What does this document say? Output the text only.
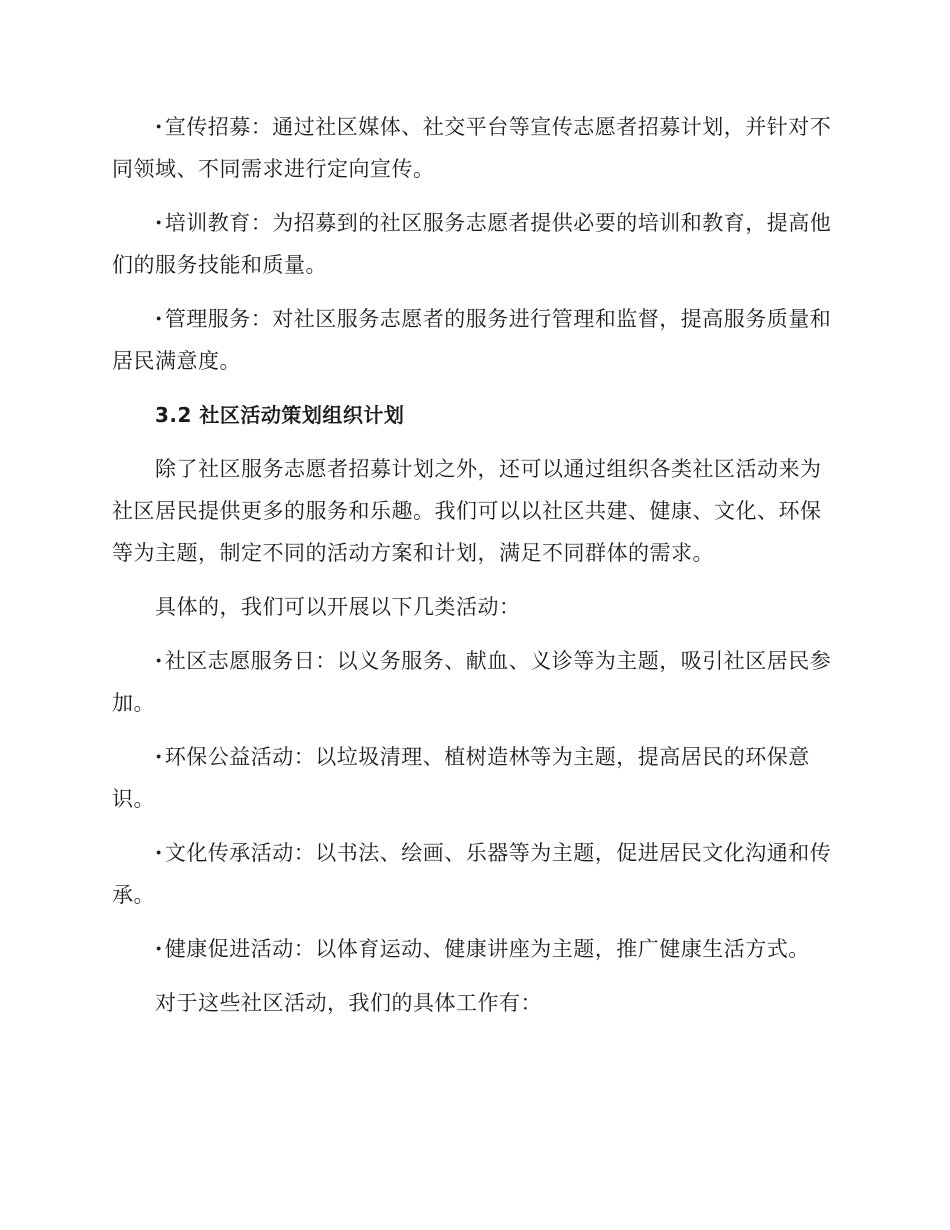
·宣传招募：通过社区媒体、社交平台等宣传志愿者招募计划，并针对不同领域、不同需求进行定向宣传。

·培训教育：为招募到的社区服务志愿者提供必要的培训和教育，提高他们的服务技能和质量。

·管理服务：对社区服务志愿者的服务进行管理和监督，提高服务质量和居民满意度。

3.2 社区活动策划组织计划

除了社区服务志愿者招募计划之外，还可以通过组织各类社区活动来为社区居民提供更多的服务和乐趣。我们可以以社区共建、健康、文化、环保等为主题，制定不同的活动方案和计划，满足不同群体的需求。

具体的，我们可以开展以下几类活动：

·社区志愿服务日：以义务服务、献血、义诊等为主题，吸引社区居民参加。

·环保公益活动：以垃圾清理、植树造林等为主题，提高居民的环保意识。

·文化传承活动：以书法、绘画、乐器等为主题，促进居民文化沟通和传承。

·健康促进活动：以体育运动、健康讲座为主题，推广健康生活方式。

对于这些社区活动，我们的具体工作有：
